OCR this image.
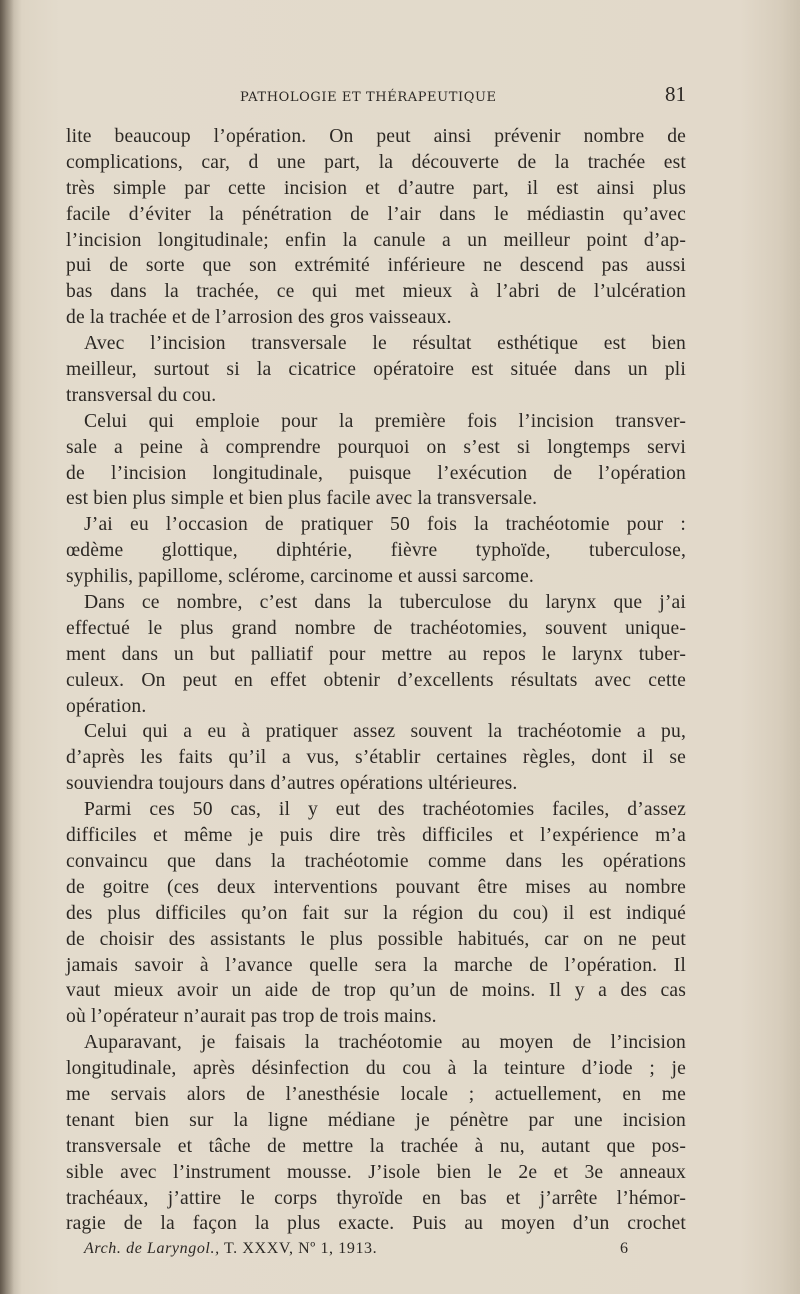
PATHOLOGIE ET THÉRAPEUTIQUE	81
lite beaucoup l’opération. On peut ainsi prévenir nombre de
complications, car, d une part, la découverte de la trachée est
très simple par cette incision et d’autre part, il est ainsi plus
facile d’éviter la pénétration de l’air dans le médiastin qu’avec
l’incision longitudinale; enfin la canule a un meilleur point d’ap-
pui de sorte que son extrémité inférieure ne descend pas aussi
bas dans la trachée, ce qui met mieux à l’abri de l’ulcération
de la trachée et de l’arrosion des gros vaisseaux.
Avec l’incision transversale le résultat esthétique est bien
meilleur, surtout si la cicatrice opératoire est située dans un pli
transversal du cou.
Celui qui emploie pour la première fois l’incision transver-
sale a peine à comprendre pourquoi on s’est si longtemps servi
de l’incision longitudinale, puisque l’exécution de l’opération
est bien plus simple et bien plus facile avec la transversale.
J’ai eu l’occasion de pratiquer 50 fois la trachéotomie pour :
œdème glottique, diphtérie, fièvre typhoïde, tuberculose,
syphilis, papillome, sclérome, carcinome et aussi sarcome.
Dans ce nombre, c’est dans la tuberculose du larynx que j’ai
effectué le plus grand nombre de trachéotomies, souvent unique-
ment dans un but palliatif pour mettre au repos le larynx tuber-
culeux. On peut en effet obtenir d’excellents résultats avec cette
opération.
Celui qui a eu à pratiquer assez souvent la trachéotomie a pu,
d’après les faits qu’il a vus, s’établir certaines règles, dont il se
souviendra toujours dans d’autres opérations ultérieures.
Parmi ces 50 cas, il y eut des trachéotomies faciles, d’assez
difficiles et même je puis dire très difficiles et l’expérience m’a
convaincu que dans la trachéotomie comme dans les opérations
de goitre (ces deux interventions pouvant être mises au nombre
des plus difficiles qu’on fait sur la région du cou) il est indiqué
de choisir des assistants le plus possible habitués, car on ne peut
jamais savoir à l’avance quelle sera la marche de l’opération. Il
vaut mieux avoir un aide de trop qu’un de moins. Il y a des cas
où l’opérateur n’aurait pas trop de trois mains.
Auparavant, je faisais la trachéotomie au moyen de l’incision
longitudinale, après désinfection du cou à la teinture d’iode ; je
me servais alors de l’anesthésie locale ; actuellement, en me
tenant bien sur la ligne médiane je pénètre par une incision
transversale et tâche de mettre la trachée à nu, autant que pos-
sible avec l’instrument mousse. J’isole bien le 2e et 3e anneaux
trachéaux, j’attire le corps thyroïde en bas et j’arrête l’hémor-
ragie de la façon la plus exacte. Puis au moyen d’un crochet
Arch. de Laryngol., T. XXXV, Nº 1, 1913.	6
